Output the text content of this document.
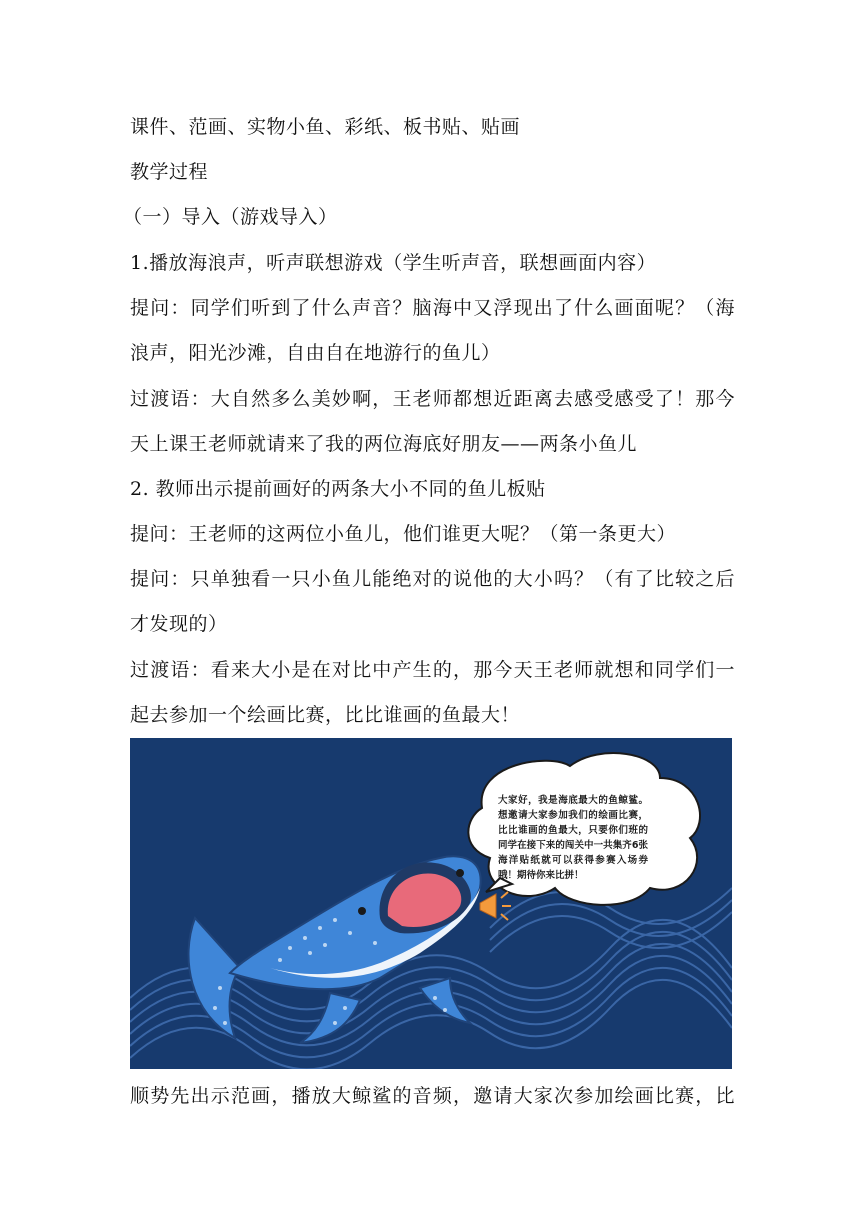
课件、范画、实物小鱼、彩纸、板书贴、贴画
教学过程
（一）导入（游戏导入）
1.播放海浪声，听声联想游戏（学生听声音，联想画面内容）
提问：同学们听到了什么声音？脑海中又浮现出了什么画面呢？（海
浪声，阳光沙滩，自由自在地游行的鱼儿）
过渡语：大自然多么美妙啊，王老师都想近距离去感受感受了！那今
天上课王老师就请来了我的两位海底好朋友——两条小鱼儿
2. 教师出示提前画好的两条大小不同的鱼儿板贴
提问：王老师的这两位小鱼儿，他们谁更大呢？（第一条更大）
提问：只单独看一只小鱼儿能绝对的说他的大小吗？（有了比较之后
才发现的）
过渡语：看来大小是在对比中产生的，那今天王老师就想和同学们一
起去参加一个绘画比赛，比比谁画的鱼最大！
大家好，我是海底最大的鱼鲸鲨。想邀请大家参加我们的绘画比赛，比比谁画的鱼最大，只要你们班的同学在接下来的闯关中一共集齐6张海洋贴纸就可以获得参赛入场券哦！期待你来比拼！
顺势先出示范画，播放大鲸鲨的音频，邀请大家次参加绘画比赛，比
